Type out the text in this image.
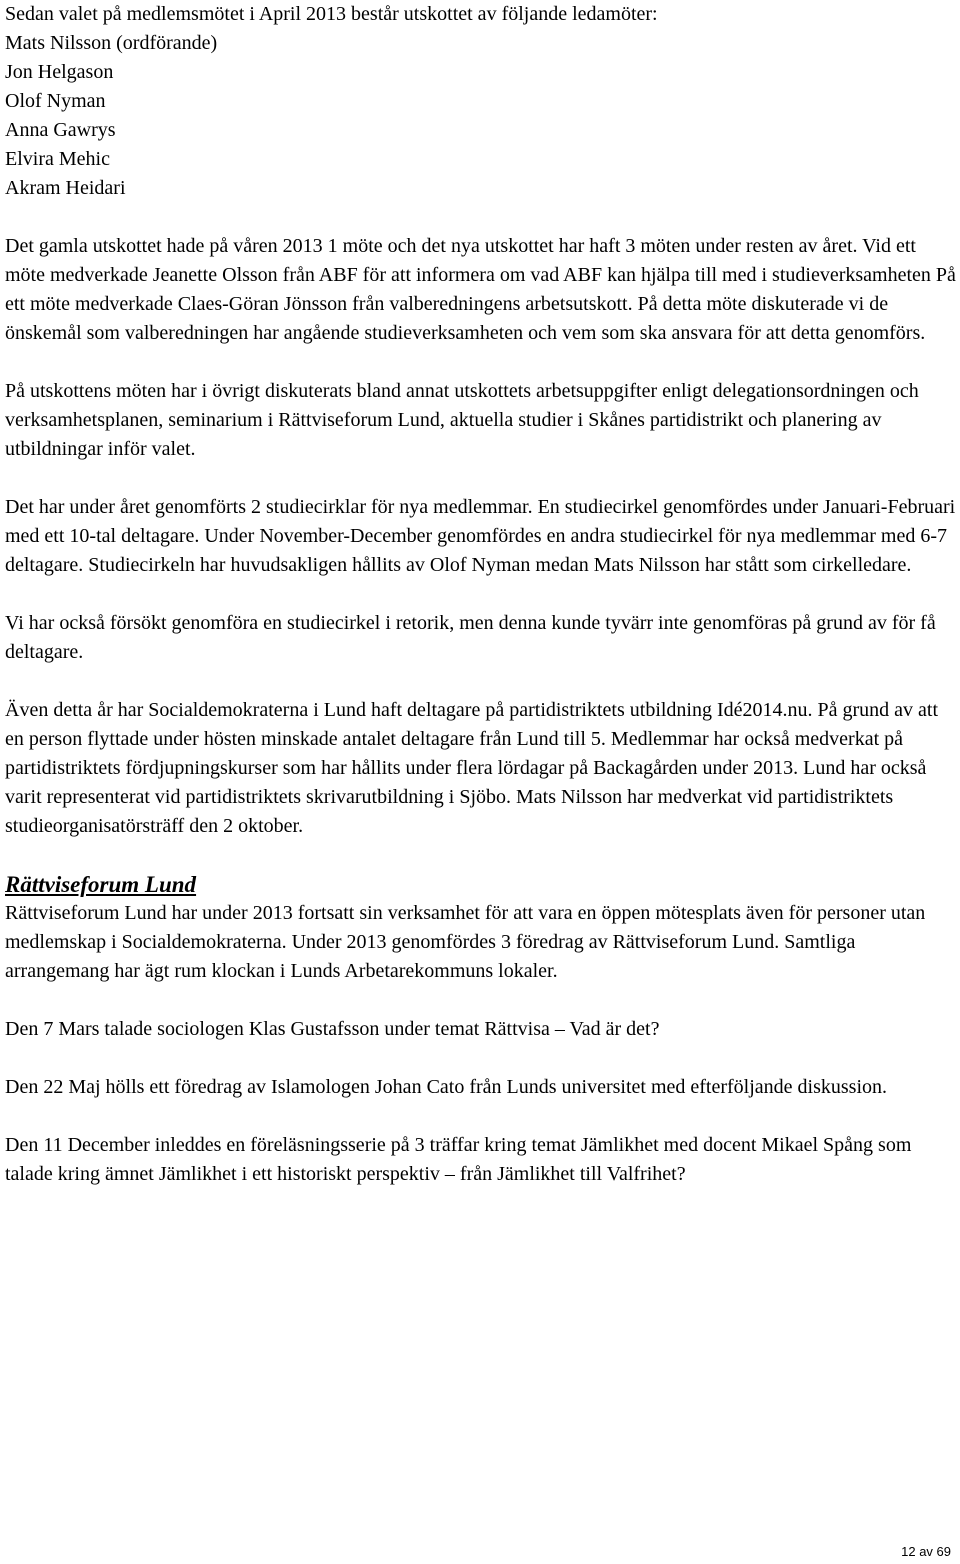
Sedan valet på medlemsmötet i April 2013 består utskottet av följande ledamöter:
Mats Nilsson (ordförande)
Jon Helgason
Olof Nyman
Anna Gawrys
Elvira Mehic
Akram Heidari

Det gamla utskottet hade på våren 2013 1 möte och det nya utskottet har haft 3 möten under resten av året. Vid ett möte medverkade Jeanette Olsson från ABF för att informera om vad ABF kan hjälpa till med i studieverksamheten På ett möte medverkade Claes-Göran Jönsson från valberedningens arbetsutskott. På detta möte diskuterade vi de önskemål som valberedningen har angående studieverksamheten och vem som ska ansvara för att detta genomförs.

På utskottens möten har i övrigt diskuterats bland annat utskottets arbetsuppgifter enligt delegationsordningen och verksamhetsplanen, seminarium i Rättviseforum Lund, aktuella studier i Skånes partidistrikt och planering av utbildningar inför valet.

Det har under året genomförts 2 studiecirklar för nya medlemmar. En studiecirkel genomfördes under Januari-Februari med ett 10-tal deltagare. Under November-December genomfördes en andra studiecirkel för nya medlemmar med 6-7 deltagare. Studiecirkeln har huvudsakligen hållits av Olof Nyman medan Mats Nilsson har stått som cirkelledare.

Vi har också försökt genomföra en studiecirkel i retorik, men denna kunde tyvärr inte genomföras på grund av för få deltagare.

Även detta år har Socialdemokraterna i Lund haft deltagare på partidistriktets utbildning Idé2014.nu. På grund av att en person flyttade under hösten minskade antalet deltagare från Lund till 5. Medlemmar har också medverkat på partidistriktets fördjupningskurser som har hållits under flera lördagar på Backagården under 2013. Lund har också varit representerat vid partidistriktets skrivarutbildning i Sjöbo. Mats Nilsson har medverkat vid partidistriktets studieorganisatörsträff den 2 oktober.

Rättviseforum Lund

Rättviseforum Lund har under 2013 fortsatt sin verksamhet för att vara en öppen mötesplats även för personer utan medlemskap i Socialdemokraterna. Under 2013 genomfördes 3 föredrag av Rättviseforum Lund. Samtliga arrangemang har ägt rum klockan i Lunds Arbetarekommuns lokaler.

Den 7 Mars talade sociologen Klas Gustafsson under temat Rättvisa – Vad är det?

Den 22 Maj hölls ett föredrag av Islamologen Johan Cato från Lunds universitet med efterföljande diskussion.

Den 11 December inleddes en föreläsningsserie på 3 träffar kring temat Jämlikhet med docent Mikael Spång som talade kring ämnet Jämlikhet i ett historiskt perspektiv – från Jämlikhet till Valfrihet?

12 av 69
